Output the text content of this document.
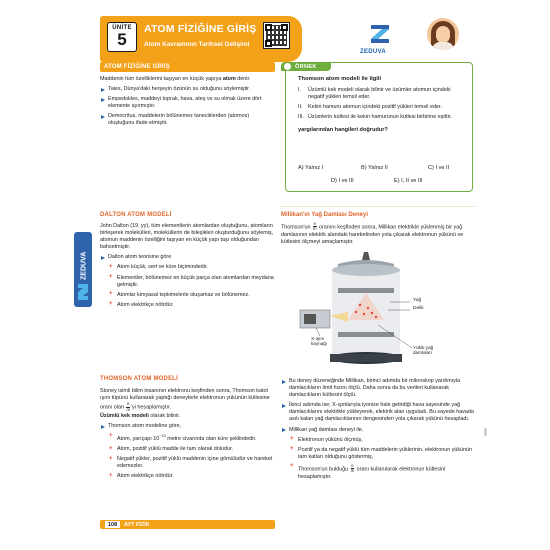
ÜNİTE
5
ATOM FİZİĞİNE GİRİŞ
Atom Kavramının Tarihsel Gelişimi
ZEDUVA
ATOM FİZİĞİNE GİRİŞ
Maddenin tüm özelliklerini taşıyan en küçük yapıya atom denir.
Tales, Dünya'daki herşeyin özünün su olduğunu söylemiştir.
Empedokles, maddeyi toprak, hava, ateş ve su olmak üzere dört elemente ayırmıştır.
Democritus, maddelerin bölünemez taneciklerden (atomos) oluştuğunu ifade etmiştir.
ZEDUVA
DALTON ATOM MODELİ
John Dalton (19. yy), tüm elementlerin atomlardan oluştuğunu, atomların birleşerek molekülleri, moleküllerin de bileşikleri oluşturduğunu söylemiş, atomun maddenin özelliğini taşıyan en küçük yapı taşı olduğundan bahsetmiştir.
Dalton atom teorisine göre
+ Atom küçük, sert ve küre biçimindedir.
+ Elementler, bölünemez en küçük parça olan atomlardan meydana gelmiştir.
+ Atomlar kimyasal tepkimelerle oluşamaz ve bölünemez.
+ Atom elektrikçe nötrdür.
THOMSON ATOM MODELİ
Stoney isimli bilim insanının elektronu keşfinden sonra, Thomson katot ışını tüpünü kullanarak yaptığı deneylerle elektronun yükünün kütlesine oranı olan $\frac{e}{m}$ 'yi hesaplamıştır.
Üzümlü kek modeli olarak bilinir.
Thomson atom modeline göre,
+ Atom, yarıçapı $10^{-10}$ metre civarında olan küre şeklindedir.
+ Atom, pozitif yüklü madde ile tam olarak doludur.
+ Negatif yükler, pozitif yüklü maddenin içine gömülüdür ve hareket edemezler.
+ Atom elektrikçe nötrdür.
ÖRNEK
Thomson atom modeli ile ilgili
I. Üzümlü kek modeli olarak bilinir ve üzümler atomun içindeki negatif yükleri temsil eder.
II. Kekin hamuru atomun içindeki pozitif yükleri temsil eder.
III. Üzümlerin kütlesi ile kekin hamurunun kütlesi birbirine eşittir.
yargılarından hangileri doğrudur?
A) Yalnız I	B) Yalnız II	C) I ve II
D) I ve III	E) I, II ve III
Millikan'ın Yağ Damlası Deneyi
Thomson'un $\frac{e}{m}$ oranını keşfinden sonra, Millikan elektrikle yüklenmiş bir yağ damlasının elektrik alandaki hareketinden yola çıkarak elektronun yükünü ve kütlesini ölçmeyi amaçlamıştır.
Yağ
Delik
X-ışını kaynağı
Yüklü yağ damlaları
Bu deney düzeneğinde Millikan, birinci adımda bir mikroskop yardımıyla damlacıkların limit hızını ölçtü. Daha sonra da bu verileri kullanarak damlacıkların kütlesini ölçtü.
İkinci adımda ise; X-ışınlarıyla iyonize hale getirdiği hava sayesinde yağ damlacıklarını elektrikle yükleyerek, elektrik alan uyguladı. Bu sayede havada asılı kalan yağ damlacıklarının dengesinden yola çıkarak yükünü hesapladı.
Millikan yağ damlası deneyi ile,
+ Elektronun yükünü ölçmüş,
+ Pozitif ya da negatif yüklü tüm maddelerin yüklerinin, elektronun yükünün tam katları olduğunu göstermiş,
+ Thomson'un bulduğu $\frac{e}{m}$ oranı kullanılarak elektronun kütlesini hesaplamıştır.
108	AYT FİZİK
